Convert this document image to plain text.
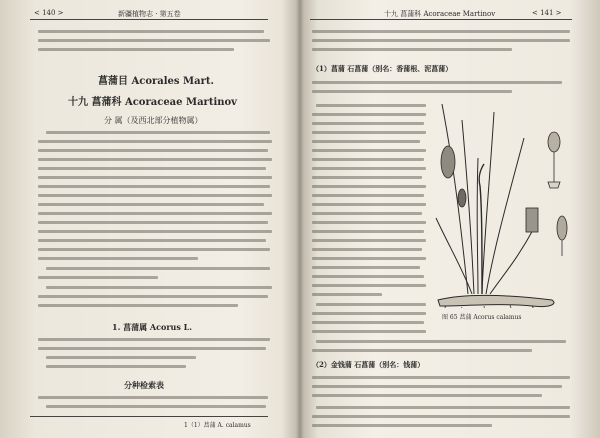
< 140 >	新疆植物志 · 第五卷
菖蒲目 Acorales Mart.
十九 菖蒲科 Acoraceae Martinov
分 属（及西北部分植物属）
1. 菖蒲属 Acorus L.
分种检索表
1（1）菖蒲 A. calamus
十九 菖蒲科 Acoraceae Martinov	< 141 >
（1）菖蒲 石菖蒲（别名：香蒲根、泥菖蒲）
图 65 菖蒲 Acorus calamus
（2）金钱蒲 石菖蒲（别名：钱蒲）
